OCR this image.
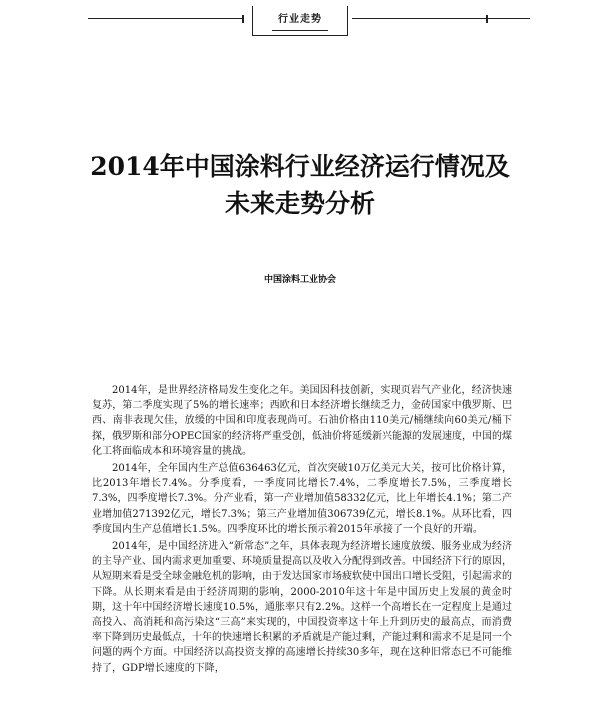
行业走势
2014年中国涂料行业经济运行情况及
未来走势分析

中国涂料工业协会

2014年，是世界经济格局发生变化之年。美国因科技创新，实现页岩气产业化，经济快速复苏，第二季度实现了5%的增长速率；西欧和日本经济增长继续乏力，金砖国家中俄罗斯、巴西、南非表现欠佳，放缓的中国和印度表现尚可。石油价格由110美元/桶继续向60美元/桶下探，俄罗斯和部分OPEC国家的经济将严重受创，低油价将延缓新兴能源的发展速度，中国的煤化工将面临成本和环境容量的挑战。

2014年，全年国内生产总值636463亿元，首次突破10万亿美元大关，按可比价格计算，比2013年增长7.4%。分季度看，一季度同比增长7.4%，二季度增长7.5%，三季度增长7.3%，四季度增长7.3%。分产业看，第一产业增加值58332亿元，比上年增长4.1%；第二产业增加值271392亿元，增长7.3%；第三产业增加值306739亿元，增长8.1%。从环比看，四季度国内生产总值增长1.5%。四季度环比的增长预示着2015年承接了一个良好的开端。

2014年，是中国经济进入“新常态”之年，具体表现为经济增长速度放缓、服务业成为经济的主导产业、国内需求更加重要、环境质量提高以及收入分配得到改善。中国经济下行的原因，从短期来看是受全球金融危机的影响，由于发达国家市场疲软使中国出口增长受阻，引起需求的下降。从长期来看是由于经济周期的影响，2000-2010年这十年是中国历史上发展的黄金时期，这十年中国经济增长速度10.5%，通胀率只有2.2%。这样一个高增长在一定程度上是通过高投入、高消耗和高污染这“三高”来实现的，中国投资率这十年上升到历史的最高点，而消费率下降到历史最低点，十年的快速增长积累的矛盾就是产能过剩，产能过剩和需求不足是同一个问题的两个方面。中国经济以高投资支撑的高速增长持续30多年，现在这种旧常态已不可能维持了，GDP增长速度的下降，
